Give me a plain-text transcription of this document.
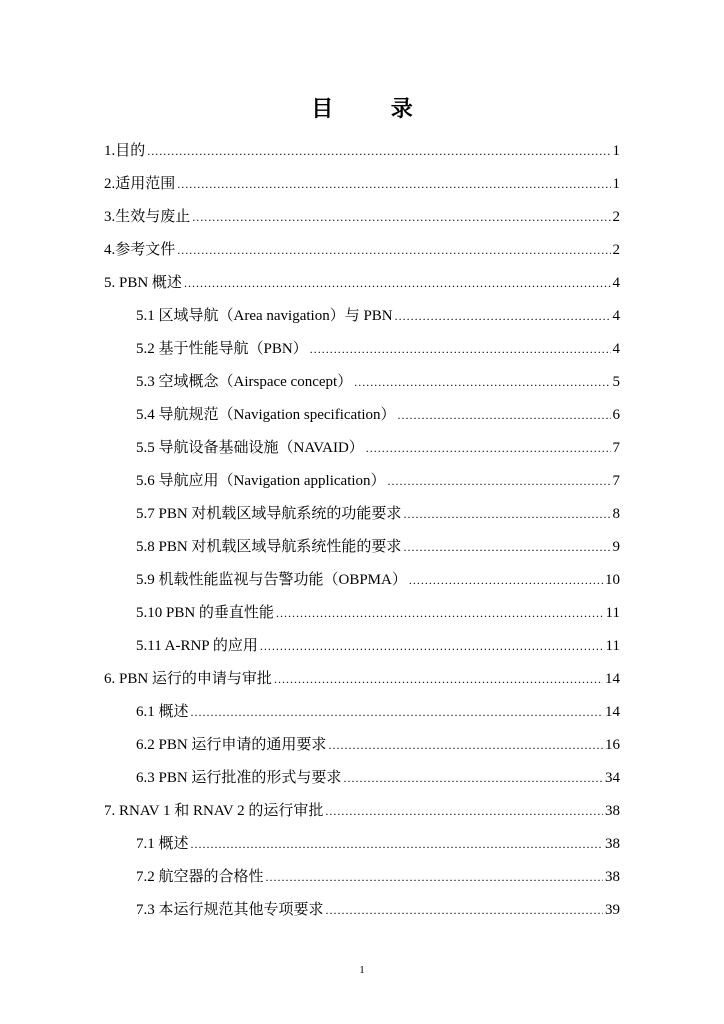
目 录
1.目的 .....	1
2.适用范围 .....	1
3.生效与废止 .....	2
4.参考文件 .....	2
5. PBN 概述 .....	4
5.1 区域导航（Area navigation）与 PBN .....	4
5.2 基于性能导航（PBN） .....	4
5.3 空域概念（Airspace concept） .....	5
5.4 导航规范（Navigation specification） .....	6
5.5 导航设备基础设施（NAVAID） .....	7
5.6 导航应用（Navigation application） .....	7
5.7 PBN 对机载区域导航系统的功能要求 .....	8
5.8 PBN 对机载区域导航系统性能的要求 .....	9
5.9 机载性能监视与告警功能（OBPMA） .....	10
5.10 PBN 的垂直性能 .....	11
5.11 A-RNP 的应用 .....	11
6. PBN 运行的申请与审批 .....	14
6.1 概述 .....	14
6.2 PBN 运行申请的通用要求 .....	16
6.3 PBN 运行批准的形式与要求 .....	34
7. RNAV 1 和 RNAV 2 的运行审批 .....	38
7.1 概述 .....	38
7.2 航空器的合格性 .....	38
7.3 本运行规范其他专项要求 .....	39
1
